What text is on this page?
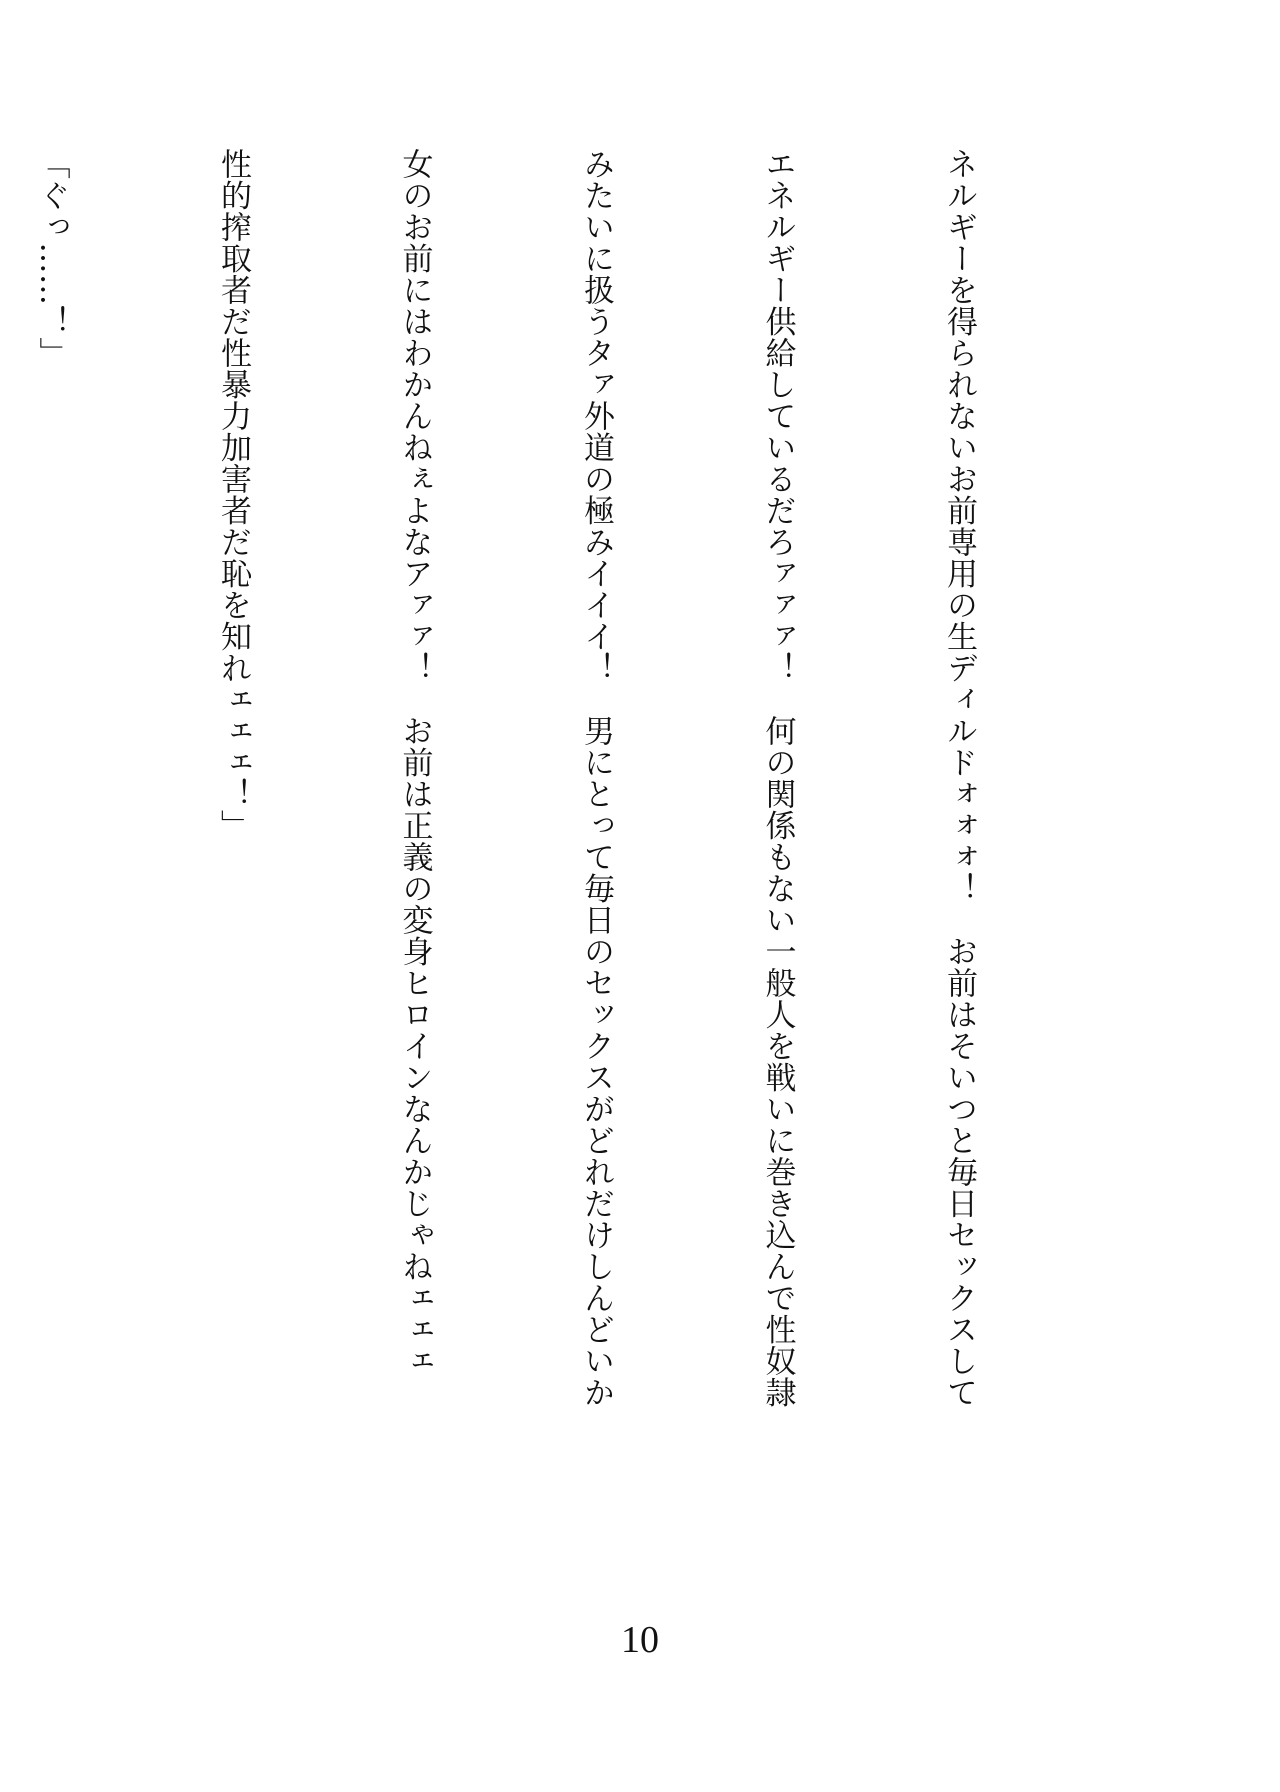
ネルギーを得られないお前専用の生ディルドォォォ！　お前はそいつと毎日セックスして

エネルギー供給しているだろァァァ！　何の関係もない一般人を戦いに巻き込んで性奴隷

みたいに扱うタァ外道の極みイイイ！　男にとって毎日のセックスがどれだけしんどいか

女のお前にはわかんねぇよなアァァ！　お前は正義の変身ヒロインなんかじゃねェェェ

性的搾取者だ性暴力加害者だ恥を知れェェェ！」

「ぐっ……！」

10
